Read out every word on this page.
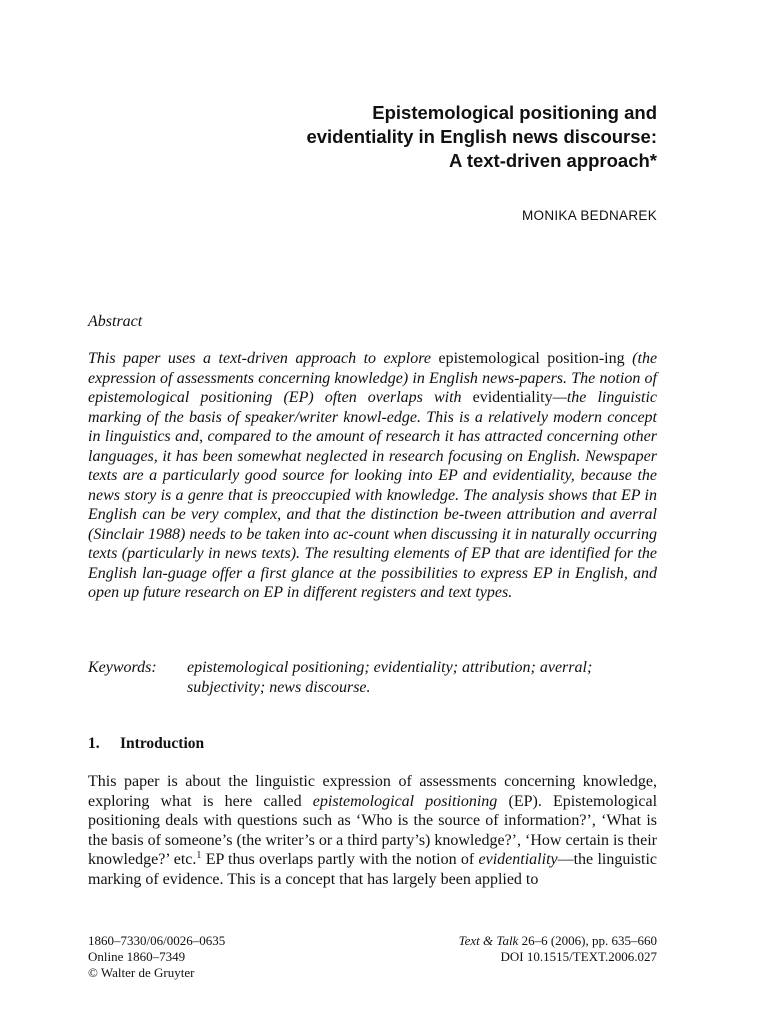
Epistemological positioning and
evidentiality in English news discourse:
A text-driven approach*
MONIKA BEDNAREK
Abstract
This paper uses a text-driven approach to explore epistemological position-ing (the expression of assessments concerning knowledge) in English news-papers. The notion of epistemological positioning (EP) often overlaps with evidentiality—the linguistic marking of the basis of speaker/writer knowl-edge. This is a relatively modern concept in linguistics and, compared to the amount of research it has attracted concerning other languages, it has been somewhat neglected in research focusing on English. Newspaper texts are a particularly good source for looking into EP and evidentiality, because the news story is a genre that is preoccupied with knowledge. The analysis shows that EP in English can be very complex, and that the distinction be-tween attribution and averral (Sinclair 1988) needs to be taken into ac-count when discussing it in naturally occurring texts (particularly in news texts). The resulting elements of EP that are identified for the English lan-guage offer a first glance at the possibilities to express EP in English, and open up future research on EP in different registers and text types.
Keywords: epistemological positioning; evidentiality; attribution; averral; subjectivity; news discourse.
1. Introduction
This paper is about the linguistic expression of assessments concerning knowledge, exploring what is here called epistemological positioning (EP). Epistemological positioning deals with questions such as ‘Who is the source of information?’, ‘What is the basis of someone’s (the writer’s or a third party’s) knowledge?’, ‘How certain is their knowledge?’ etc.$^1$ EP thus overlaps partly with the notion of evidentiality—the linguistic marking of evidence. This is a concept that has largely been applied to
1860–7330/06/0026–0635
Online 1860–7349
© Walter de Gruyter
Text & Talk 26–6 (2006), pp. 635–660
DOI 10.1515/TEXT.2006.027
